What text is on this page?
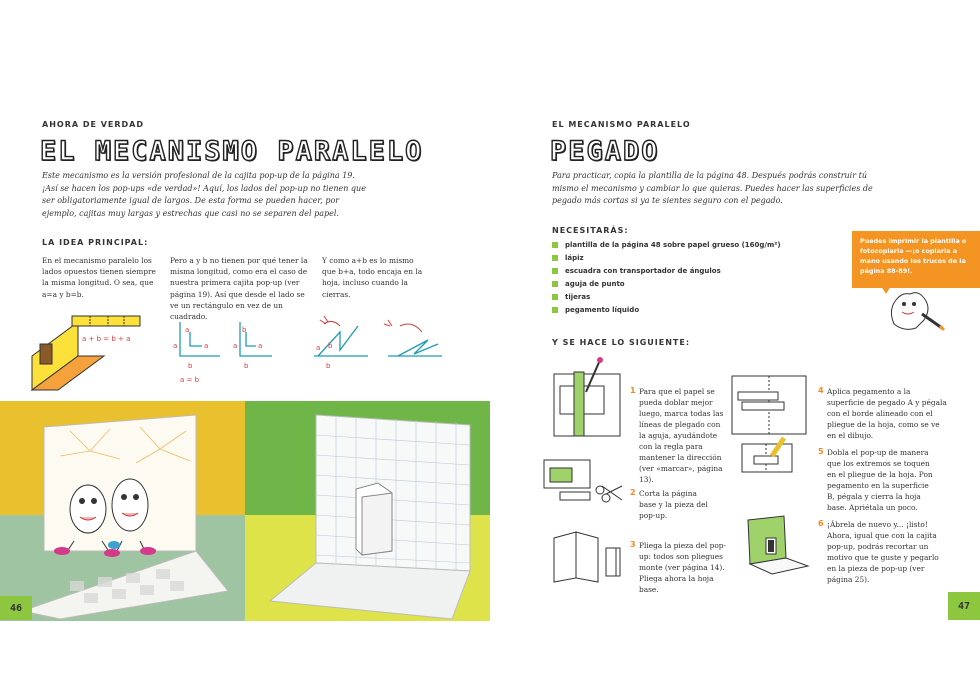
AHORA DE VERDAD
EL MECANISMO PARALELO
Este mecanismo es la versión profesional de la cajita pop-up de la página 19. ¡Así se hacen los pop-ups «de verdad»! Aquí, los lados del pop-up no tienen que ser obligatoriamente igual de largos. De esta forma se pueden hacer, por ejemplo, cajitas muy largas y estrechas que casi no se separen del papel.
LA IDEA PRINCIPAL:
En el mecanismo paralelo los lados opuestos tienen siempre la misma longitud. O sea, que a=a y b=b.
Pero a y b no tienen por qué tener la misma longitud, como era el caso de nuestra primera cajita pop-up (ver página 19). Así que desde el lado se ve un rectángulo en vez de un cuadrado.
Y como a+b es lo mismo que b+a, todo encaja en la hoja, incluso cuando la cierras.
a + b = b + a
a
a	a
b
a	a
b
b
a = b
b
a
b
46
EL MECANISMO PARALELO
PEGADO
Para practicar, copia la plantilla de la página 48. Después podrás construir tú mismo el mecanismo y cambiar lo que quieras. Puedes hacer las superficies de pegado más cortas si ya te sientes seguro con el pegado.
NECESITARÁS:
plantilla de la página 48 sobre papel grueso (160g/m²)
lápiz
escuadra con transportador de ángulos
aguja de punto
tijeras
pegamento líquido
Puedes imprimir la plantilla o fotocopiarla —¡o copiarla a mano usando los trucos de la página 88-89!.
Y SE HACE LO SIGUIENTE:
1 Para que el papel se pueda doblar mejor luego, marca todas las líneas de plegado con la aguja, ayudándote con la regla para mantener la dirección (ver «marcar», página 13).
2 Corta la página base y la pieza del pop-up.
3 Pliega la pieza del pop-up: todos son pliegues monte (ver página 14). Pliega ahora la hoja base.
4 Aplica pegamento a la superficie de pegado A y pégala con el borde alineado con el pliegue de la hoja, como se ve en el dibujo.
5 Dobla el pop-up de manera que los extremos se toquen en el pliegue de la hoja. Pon pegamento en la superficie B, pégala y cierra la hoja base. Apriétala un poco.
6 ¡Ábrela de nuevo y... ¡listo! Ahora, igual que con la cajita pop-up, podrás recortar un motivo que te guste y pegarlo en la pieza de pop-up (ver página 25).
47
